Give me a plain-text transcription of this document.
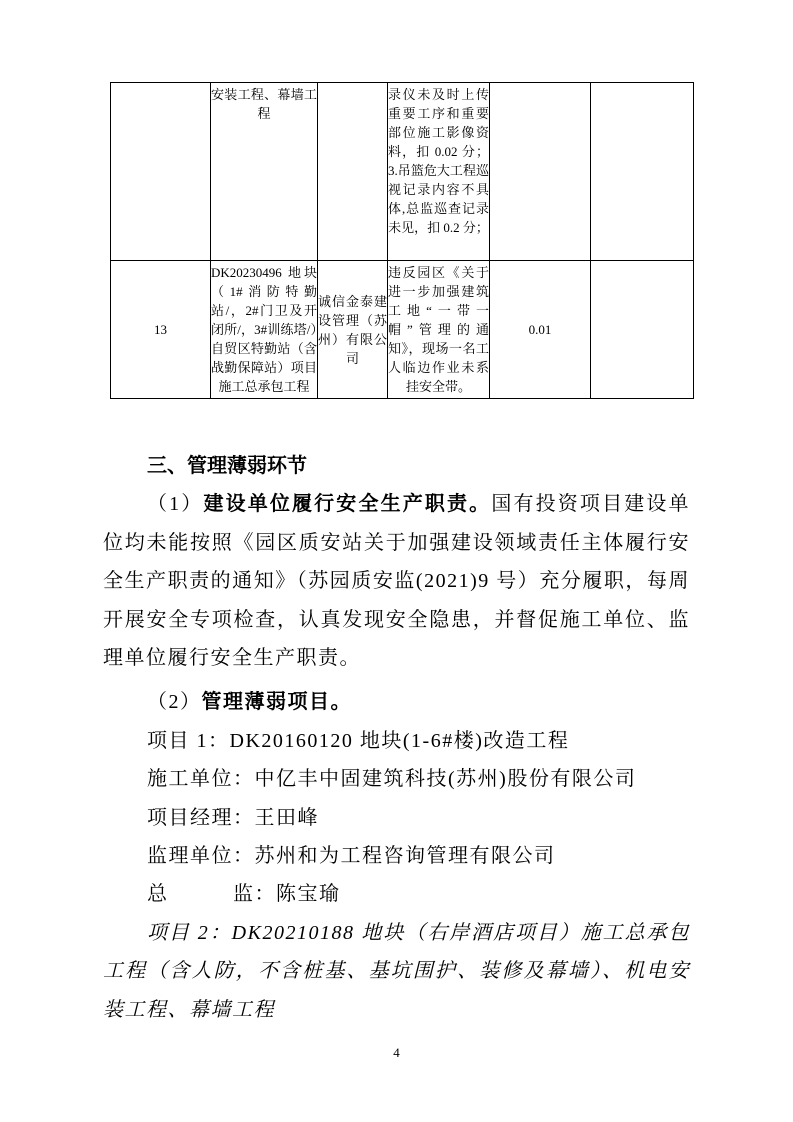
	安装工程、幕墙工程		录仪未及时上传重要工序和重要部位施工影像资料，扣 0.02 分；3.吊篮危大工程巡视记录内容不具体,总监巡查记录未见，扣 0.2 分；		
13	DK20230496 地块（1#消防特勤站/，2#门卫及开闭所/，3#训练塔/）自贸区特勤站（含战勤保障站）项目施工总承包工程	诚信金泰建设管理（苏州）有限公司	违反园区《关于进一步加强建筑工地“一带一帽”管理的通知》，现场一名工人临边作业未系挂安全带。	0.01	
三、管理薄弱环节

（1）建设单位履行安全生产职责。国有投资项目建设单位均未能按照《园区质安站关于加强建设领域责任主体履行安全生产职责的通知》（苏园质安监(2021)9 号）充分履职，每周开展安全专项检查，认真发现安全隐患，并督促施工单位、监理单位履行安全生产职责。

（2）管理薄弱项目。

项目 1：DK20160120 地块(1-6#楼)改造工程

施工单位：中亿丰中固建筑科技(苏州)股份有限公司

项目经理：王田峰

监理单位：苏州和为工程咨询管理有限公司

总　　　监：陈宝瑜

项目 2：DK20210188 地块（右岸酒店项目）施工总承包工程（含人防，不含桩基、基坑围护、装修及幕墙）、机电安装工程、幕墙工程

4
